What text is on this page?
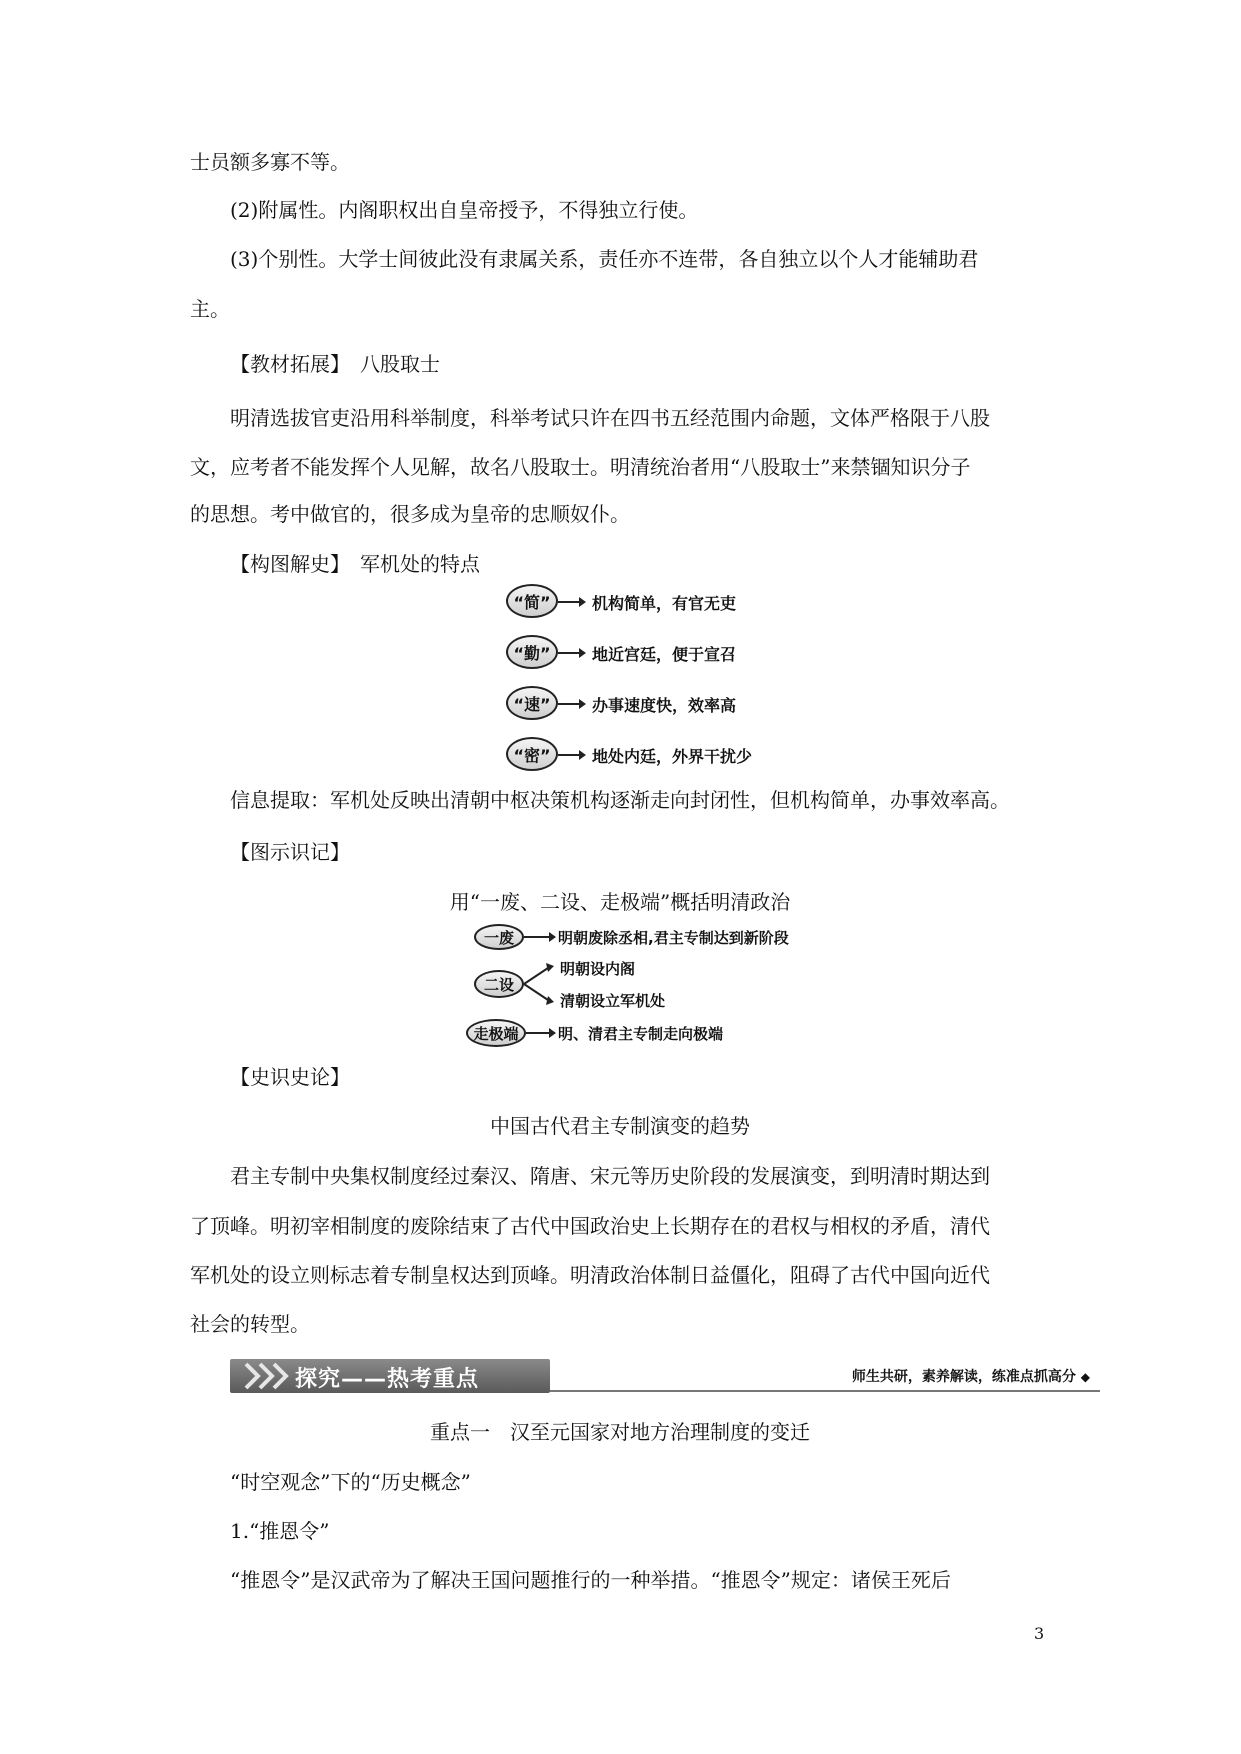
士员额多寡不等。
(2)附属性。内阁职权出自皇帝授予，不得独立行使。
(3)个别性。大学士间彼此没有隶属关系，责任亦不连带，各自独立以个人才能辅助君
主。
【教材拓展】　八股取士
明清选拔官吏沿用科举制度，科举考试只许在四书五经范围内命题，文体严格限于八股
文，应考者不能发挥个人见解，故名八股取士。明清统治者用“八股取士”来禁锢知识分子
的思想。考中做官的，很多成为皇帝的忠顺奴仆。
【构图解史】　军机处的特点
“简”	机构简单，有官无吏
“勤”	地近宫廷，便于宣召
“速”	办事速度快，效率高
“密”	地处内廷，外界干扰少
信息提取：军机处反映出清朝中枢决策机构逐渐走向封闭性，但机构简单，办事效率高。
【图示识记】
用“一废、二设、走极端”概括明清政治
一废	明朝废除丞相,君主专制达到新阶段
二设
明朝设内阁
清朝设立军机处
走极端	明、清君主专制走向极端
【史识史论】
中国古代君主专制演变的趋势
君主专制中央集权制度经过秦汉、隋唐、宋元等历史阶段的发展演变，到明清时期达到
了顶峰。明初宰相制度的废除结束了古代中国政治史上长期存在的君权与相权的矛盾，清代
军机处的设立则标志着专制皇权达到顶峰。明清政治体制日益僵化，阻碍了古代中国向近代
社会的转型。
探究——热考重点	师生共研，素养解读，练准点抓高分 ◆
重点一　汉至元国家对地方治理制度的变迁
“时空观念”下的“历史概念”
1.“推恩令”
“推恩令”是汉武帝为了解决王国问题推行的一种举措。“推恩令”规定：诸侯王死后
3
